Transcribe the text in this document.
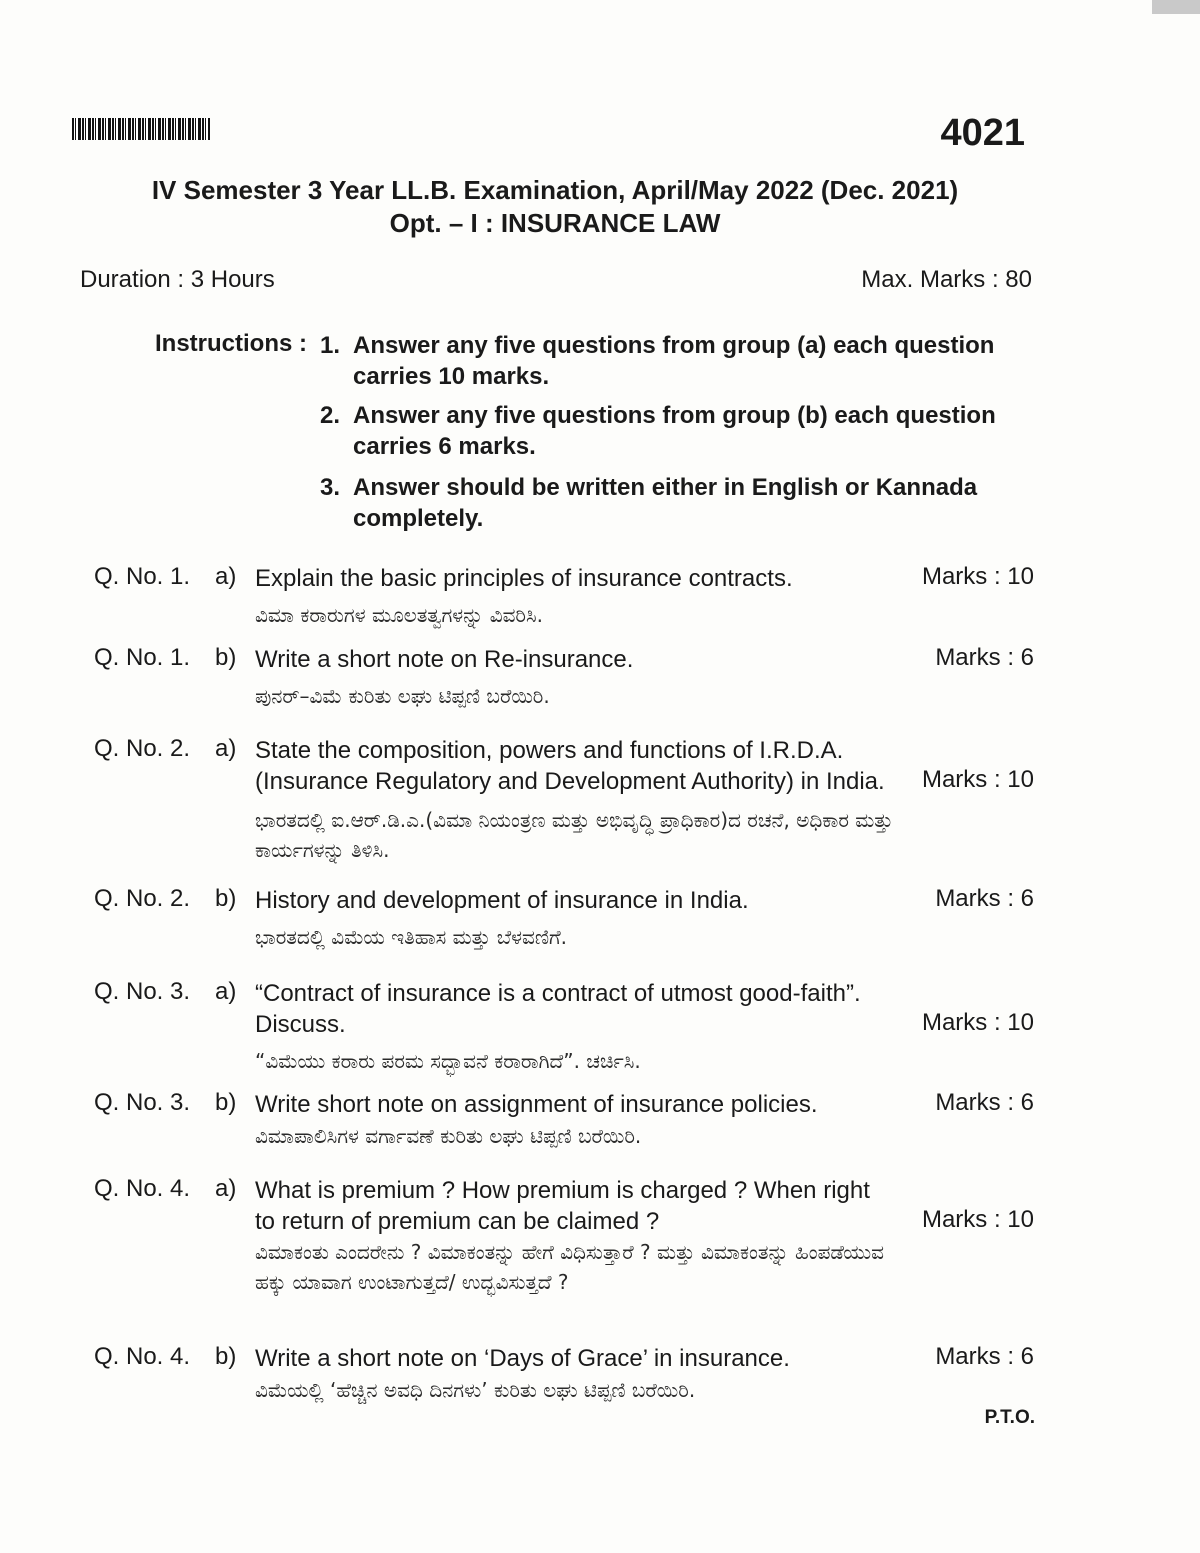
4021
IV Semester 3 Year LL.B. Examination, April/May 2022 (Dec. 2021)
Opt. – I : INSURANCE LAW
Duration : 3 Hours	Max. Marks : 80
Instructions : 1. Answer any five questions from group (a) each question carries 10 marks.
2. Answer any five questions from group (b) each question carries 6 marks.
3. Answer should be written either in English or Kannada completely.
Q. No. 1. a) Explain the basic principles of insurance contracts.
ವಿಮಾ ಕರಾರುಗಳ ಮೂಲತತ್ವಗಳನ್ನು ವಿವರಿಸಿ.
Marks : 10
Q. No. 1. b) Write a short note on Re-insurance.
ಪುನರ್–ವಿಮೆ ಕುರಿತು ಲಘು ಟಿಪ್ಪಣಿ ಬರೆಯಿರಿ.
Marks : 6
Q. No. 2. a) State the composition, powers and functions of I.R.D.A. (Insurance Regulatory and Development Authority) in India.
ಭಾರತದಲ್ಲಿ ಐ.ಆರ್.ಡಿ.ಎ.(ವಿಮಾ ನಿಯಂತ್ರಣ ಮತ್ತು ಅಭಿವೃದ್ಧಿ ಪ್ರಾಧಿಕಾರ)ದ ರಚನೆ, ಅಧಿಕಾರ ಮತ್ತು ಕಾರ್ಯಗಳನ್ನು ತಿಳಿಸಿ.
Marks : 10
Q. No. 2. b) History and development of insurance in India.
ಭಾರತದಲ್ಲಿ ವಿಮೆಯ ಇತಿಹಾಸ ಮತ್ತು ಬೆಳವಣಿಗೆ.
Marks : 6
Q. No. 3. a) “Contract of insurance is a contract of utmost good-faith”. Discuss.
“ವಿಮೆಯು ಕರಾರು ಪರಮ ಸದ್ಭಾವನೆ ಕರಾರಾಗಿದೆ”. ಚರ್ಚಿಸಿ.
Marks : 10
Q. No. 3. b) Write short note on assignment of insurance policies.
ವಿಮಾಪಾಲಿಸಿಗಳ ವರ್ಗಾವಣೆ ಕುರಿತು ಲಘು ಟಿಪ್ಪಣಿ ಬರೆಯಿರಿ.
Marks : 6
Q. No. 4. a) What is premium ? How premium is charged ? When right to return of premium can be claimed ?
ವಿಮಾಕಂತು ಎಂದರೇನು ? ವಿಮಾಕಂತನ್ನು ಹೇಗೆ ವಿಧಿಸುತ್ತಾರೆ ? ಮತ್ತು ವಿಮಾಕಂತನ್ನು ಹಿಂಪಡೆಯುವ ಹಕ್ಕು ಯಾವಾಗ ಉಂಟಾಗುತ್ತದೆ/ ಉದ್ಭವಿಸುತ್ತದೆ ?
Marks : 10
Q. No. 4. b) Write a short note on ‘Days of Grace’ in insurance.
ವಿಮೆಯಲ್ಲಿ ‘ಹೆಚ್ಚಿನ ಅವಧಿ ದಿನಗಳು’ ಕುರಿತು ಲಘು ಟಿಪ್ಪಣಿ ಬರೆಯಿರಿ.
Marks : 6
P.T.O.
